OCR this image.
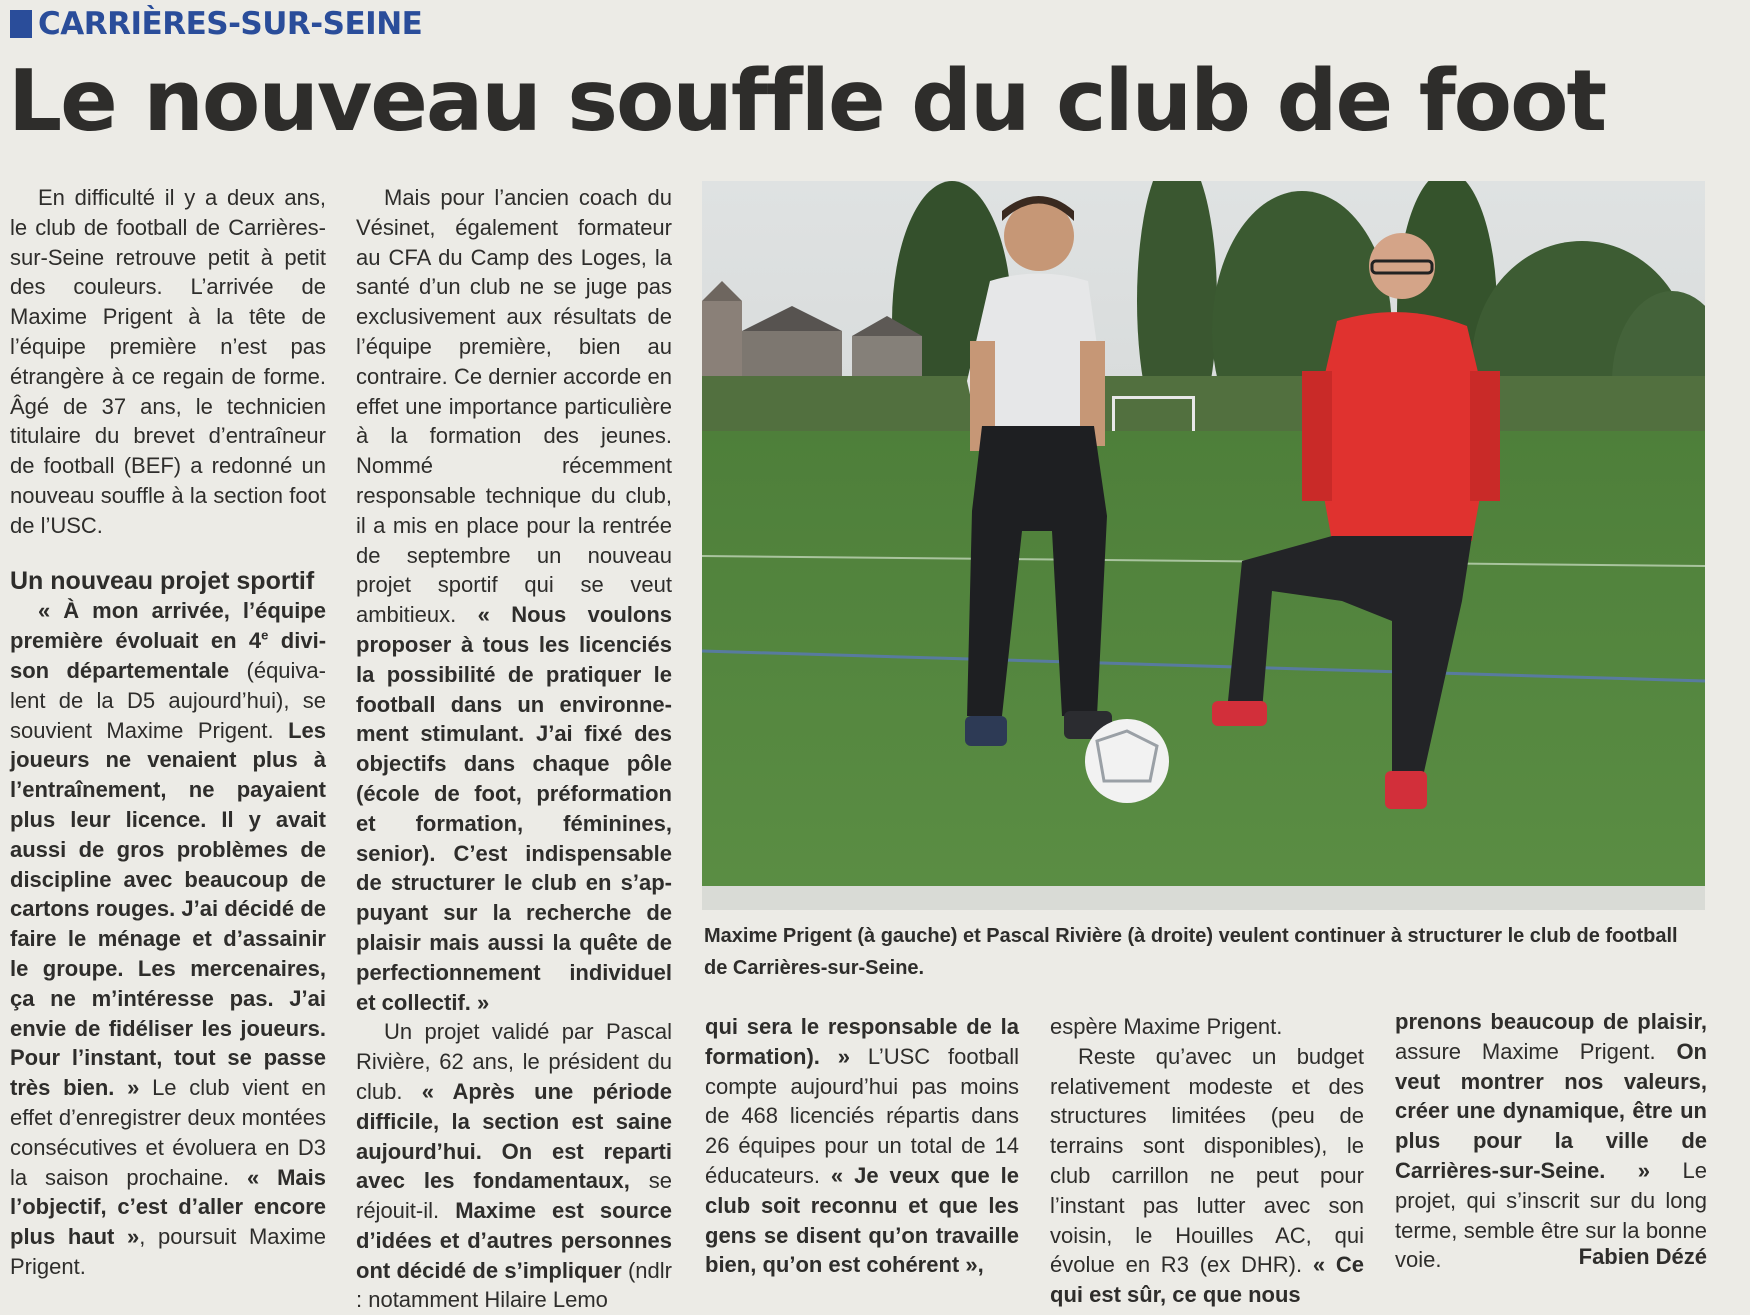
CARRIÈRES-SUR-SEINE
Le nouveau souffle du club de foot

En difficulté il y a deux ans, le club de football de Carrières-sur-Seine retrouve petit à petit des couleurs. L’arrivée de Maxime Prigent à la tête de l’équipe première n’est pas étrangère à ce regain de forme. Âgé de 37 ans, le technicien titulaire du brevet d’entraîneur de football (BEF) a redonné un nouveau souffle à la section foot de l’USC.

Un nouveau projet sportif

« À mon arrivée, l’équipe première évoluait en 4e divison départementale (équivalent de la D5 aujourd’hui), se souvient Maxime Prigent. Les joueurs ne venaient plus à l’entraînement, ne payaient plus leur licence. Il y avait aussi de gros problèmes de discipline avec beaucoup de cartons rouges. J’ai décidé de faire le ménage et d’assainir le groupe. Les mercenaires, ça ne m’intéresse pas. J’ai envie de fidéliser les joueurs. Pour l’instant, tout se passe très bien. » Le club vient en effet d’enregistrer deux montées consécutives et évoluera en D3 la saison prochaine. « Mais l’objectif, c’est d’aller encore plus haut », poursuit Maxime Prigent.

Mais pour l’ancien coach du Vésinet, également formateur au CFA du Camp des Loges, la santé d’un club ne se juge pas exclusivement aux résultats de l’équipe première, bien au contraire. Ce dernier accorde en effet une importance particulière à la formation des jeunes. Nommé récemment responsable technique du club, il a mis en place pour la rentrée de septembre un nouveau projet sportif qui se veut ambitieux. « Nous voulons proposer à tous les licenciés la possibilité de pratiquer le football dans un environnement stimulant. J’ai fixé des objectifs dans chaque pôle (école de foot, préformation et formation, féminines, senior). C’est indispensable de structurer le club en s’appuyant sur la recherche de plaisir mais aussi la quête de perfectionnement individuel et collectif. »

Un projet validé par Pascal Rivière, 62 ans, le président du club. « Après une période difficile, la section est saine aujourd’hui. On est reparti avec les fondamentaux, se réjouit-il. Maxime est source d’idées et d’autres personnes ont décidé de s’impliquer (ndlr : notamment Hilaire Lemo

Maxime Prigent (à gauche) et Pascal Rivière (à droite) veulent continuer à structurer le club de football de Carrières-sur-Seine.

qui sera le responsable de la formation). » L’USC football compte aujourd’hui pas moins de 468 licenciés répartis dans 26 équipes pour un total de 14 éducateurs. « Je veux que le club soit reconnu et que les gens se disent qu’on travaille bien, qu’on est cohérent »,

espère Maxime Prigent.

Reste qu’avec un budget relativement modeste et des structures limitées (peu de terrains sont disponibles), le club carrillon ne peut pour l’instant pas lutter avec son voisin, le Houilles AC, qui évolue en R3 (ex DHR). « Ce qui est sûr, ce que nous

prenons beaucoup de plaisir, assure Maxime Prigent. On veut montrer nos valeurs, créer une dynamique, être un plus pour la ville de Carrières-sur-Seine. » Le projet, qui s’inscrit sur du long terme, semble être sur la bonne voie.	Fabien Dézé
